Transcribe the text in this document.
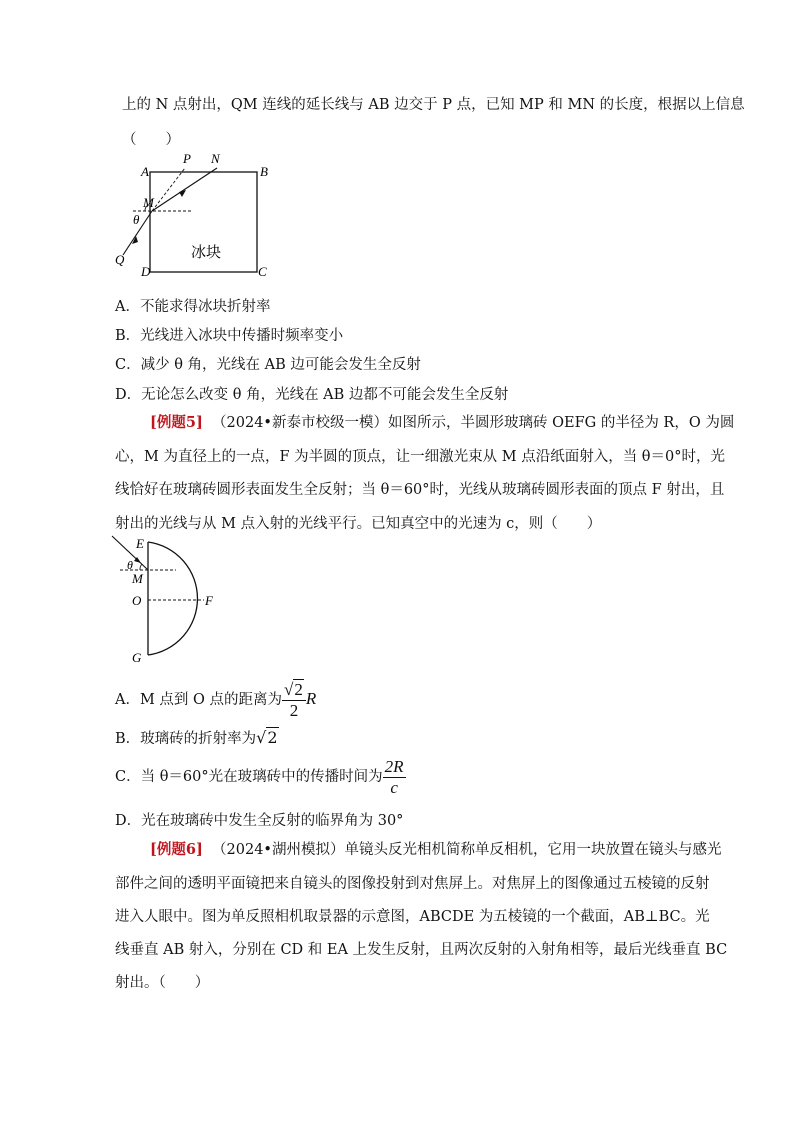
上的 N 点射出，QM 连线的延长线与 AB 边交于 P 点，已知 MP 和 MN 的长度，根据以上信息
（　　）
A	B
C
D
P N
M
Q
θ
冰块
A．不能求得冰块折射率
B．光线进入冰块中传播时频率变小
C．减少 θ 角，光线在 AB 边可能会发生全反射
D．无论怎么改变 θ 角，光线在 AB 边都不可能会发生全反射
[例题5] （2024•新泰市校级一模）如图所示，半圆形玻璃砖 OEFG 的半径为 R，O 为圆
心，M 为直径上的一点，F 为半圆的顶点，让一细激光束从 M 点沿纸面射入，当 θ＝0°时，光
线恰好在玻璃砖圆形表面发生全反射；当 θ＝60°时，光线从玻璃砖圆形表面的顶点 F 射出，且
射出的光线与从 M 点入射的光线平行。已知真空中的光速为 c，则（　　）
E
M
O	F
G
θ
A．M 点到 O 点的距离为 $\frac{√2}{2}$ R
B．玻璃砖的折射率为√2
C．当 θ＝60°光在玻璃砖中的传播时间为 $\frac{2R}{c}$
D．光在玻璃砖中发生全反射的临界角为 30°
[例题6] （2024•湖州模拟）单镜头反光相机简称单反相机，它用一块放置在镜头与感光
部件之间的透明平面镜把来自镜头的图像投射到对焦屏上。对焦屏上的图像通过五棱镜的反射
进入人眼中。图为单反照相机取景器的示意图，ABCDE 为五棱镜的一个截面，AB⊥BC。光
线垂直 AB 射入，分别在 CD 和 EA 上发生反射，且两次反射的入射角相等，最后光线垂直 BC
射出。（　　）
